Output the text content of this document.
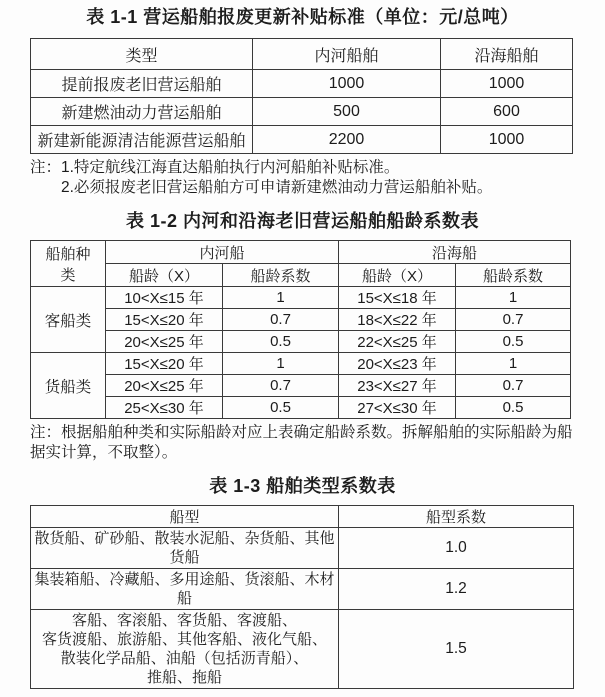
表 1-1 营运船舶报废更新补贴标准（单位：元/总吨）
类型	内河船舶	沿海船舶
提前报废老旧营运船舶	1000	1000
新建燃油动力营运船舶	500	600
新建新能源清洁能源营运船舶	2200	1000
注：1.特定航线江海直达船舶执行内河船舶补贴标准。
2.必须报废老旧营运船舶方可申请新建燃油动力营运船舶补贴。
表 1-2 内河和沿海老旧营运船舶船龄系数表
船舶种
类	内河船		沿海船	
	船龄（X）	船龄系数	船龄（X）	船龄系数
客船类	10<X≤15 年	1	15<X≤18 年	1
	15<X≤20 年	0.7	18<X≤22 年	0.7
	20<X≤25 年	0.5	22<X≤25 年	0.5
货船类	15<X≤20 年	1	20<X≤23 年	1
	20<X≤25 年	0.7	23<X≤27 年	0.7
	25<X≤30 年	0.5	27<X≤30 年	0.5
注：根据船舶种类和实际船龄对应上表确定船龄系数。拆解船舶的实际船龄为船
据实计算，不取整）。
表 1-3 船舶类型系数表
船型	船型系数

散货船、矿砂船、散装水泥船、杂货船、其他
货船	1.0

集装箱船、冷藏船、多用途船、货滚船、木材
船	1.2

客船、客滚船、客货船、客渡船、
客货渡船、旅游船、其他客船、液化气船、
散装化学品船、油船（包括沥青船）、
推船、拖船	1.5
